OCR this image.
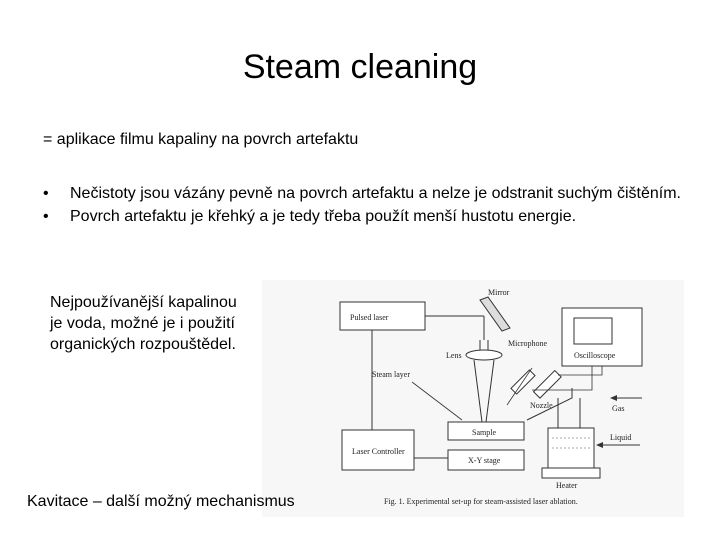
Steam cleaning
= aplikace filmu kapaliny na povrch artefaktu
•	Nečistoty jsou vázány pevně na povrch artefaktu a nelze je odstranit suchým čištěním.
•	Povrch artefaktu je křehký a je tedy třeba použít menší hustotu energie.
Nejpoužívanější kapalinou je voda, možné je i použití organických rozpouštědel.
Pulsed laser
Mirror
Lens
Microphone
Oscilloscope
Steam layer
Nozzle	Gas
Sample
X-Y stage
Laser Controller
Liquid
Heater
Fig. 1. Experimental set-up for steam-assisted laser ablation.
Kavitace – další možný mechanismus
